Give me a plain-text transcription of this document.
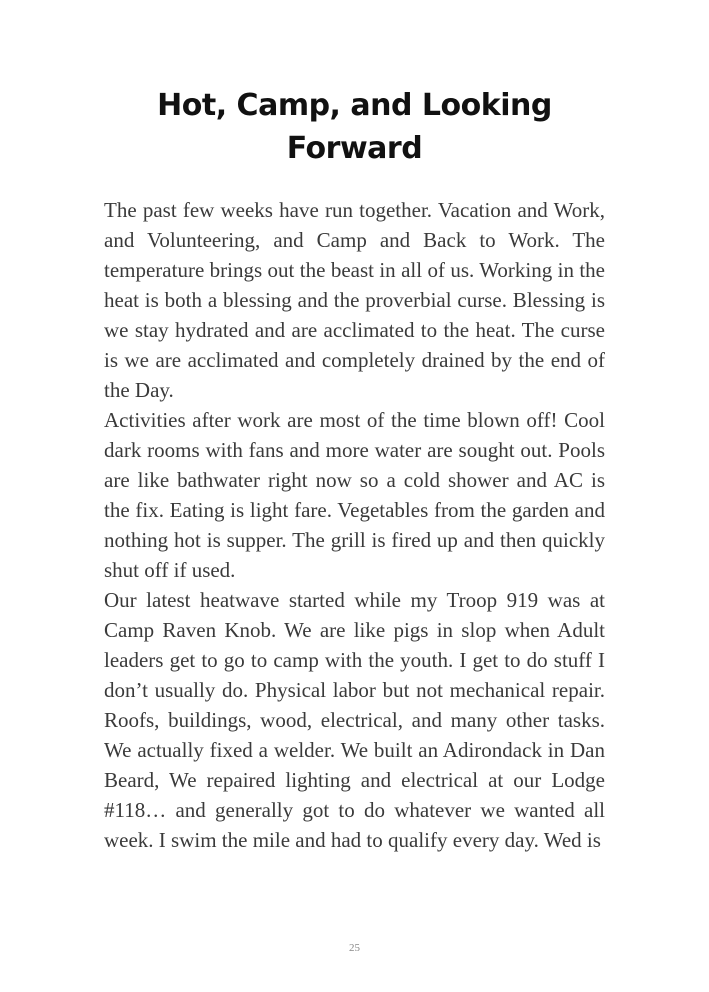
Hot, Camp, and Looking Forward

The past few weeks have run together. Vacation and Work, and Volunteering, and Camp and Back to Work. The temperature brings out the beast in all of us. Working in the heat is both a blessing and the proverbial curse. Blessing is we stay hydrated and are acclimated to the heat. The curse is we are acclimated and completely drained by the end of the Day.

Activities after work are most of the time blown off! Cool dark rooms with fans and more water are sought out. Pools are like bathwater right now so a cold shower and AC is the fix. Eating is light fare. Vegetables from the garden and nothing hot is supper. The grill is fired up and then quickly shut off if used.

Our latest heatwave started while my Troop 919 was at Camp Raven Knob. We are like pigs in slop when Adult leaders get to go to camp with the youth. I get to do stuff I don’t usually do. Physical labor but not mechanical repair. Roofs, buildings, wood, electrical, and many other tasks. We actually fixed a welder. We built an Adirondack in Dan Beard, We repaired lighting and electrical at our Lodge #118… and generally got to do whatever we wanted all week. I swim the mile and had to qualify every day. Wed is

25
